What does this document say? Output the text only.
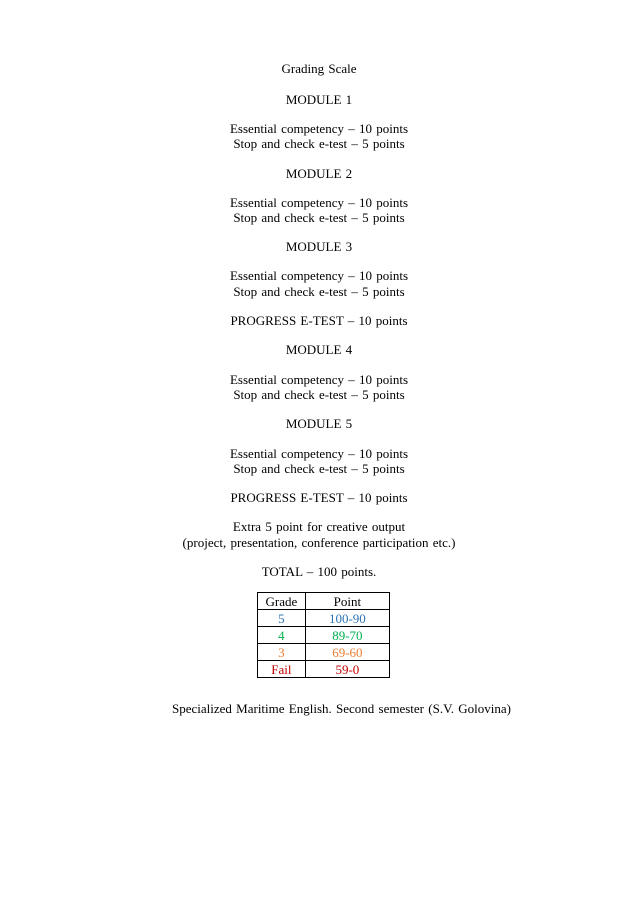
Grading Scale
MODULE 1
Essential competency – 10 points
Stop and check e-test – 5 points
MODULE 2
Essential competency – 10 points
Stop and check e-test – 5 points
MODULE 3
Essential competency – 10 points
Stop and check e-test – 5 points
PROGRESS E-TEST – 10 points
MODULE 4
Essential competency – 10 points
Stop and check e-test – 5 points
MODULE 5
Essential competency – 10 points
Stop and check e-test – 5 points
PROGRESS E-TEST – 10 points
Extra 5 point for creative output
(project, presentation, conference participation etc.)
TOTAL – 100 points.
Grade	Point
5	100-90
4	89-70
3	69-60
Fail	59-0
Specialized Maritime English. Second semester (S.V. Golovina)
